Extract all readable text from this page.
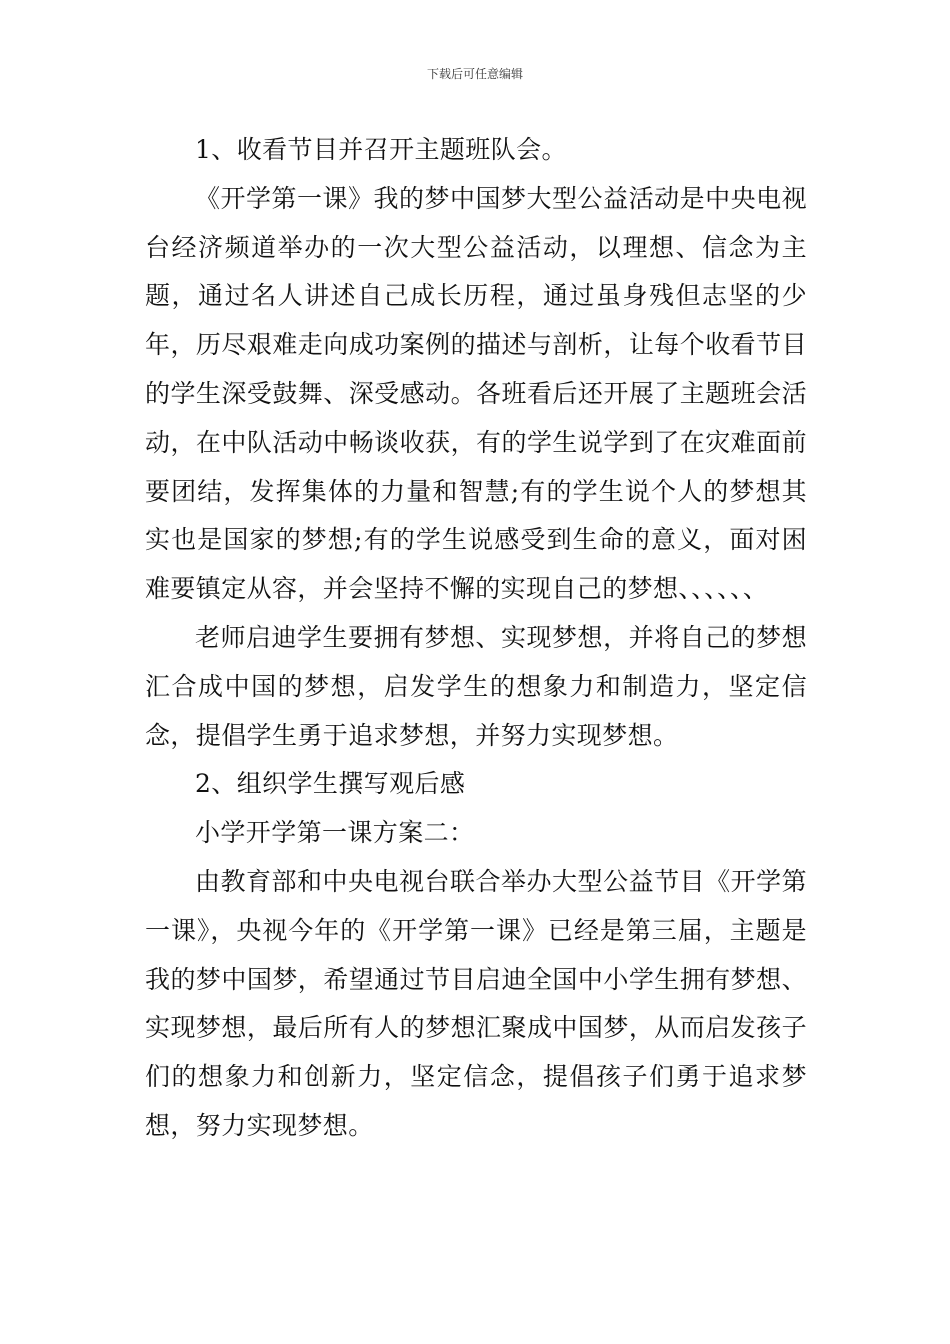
下载后可任意编辑

1、收看节目并召开主题班队会。

《开学第一课》我的梦中国梦大型公益活动是中央电视台经济频道举办的一次大型公益活动，以理想、信念为主题，通过名人讲述自己成长历程，通过虽身残但志坚的少年，历尽艰难走向成功案例的描述与剖析，让每个收看节目的学生深受鼓舞、深受感动。各班看后还开展了主题班会活动，在中队活动中畅谈收获，有的学生说学到了在灾难面前要团结，发挥集体的力量和智慧;有的学生说个人的梦想其实也是国家的梦想;有的学生说感受到生命的意义，面对困难要镇定从容，并会坚持不懈的实现自己的梦想、、、、、、

老师启迪学生要拥有梦想、实现梦想，并将自己的梦想汇合成中国的梦想，启发学生的想象力和制造力，坚定信念，提倡学生勇于追求梦想，并努力实现梦想。

2、组织学生撰写观后感

小学开学第一课方案二：

由教育部和中央电视台联合举办大型公益节目《开学第一课》，央视今年的《开学第一课》已经是第三届，主题是我的梦中国梦，希望通过节目启迪全国中小学生拥有梦想、实现梦想，最后所有人的梦想汇聚成中国梦，从而启发孩子们的想象力和创新力，坚定信念，提倡孩子们勇于追求梦想，努力实现梦想。
